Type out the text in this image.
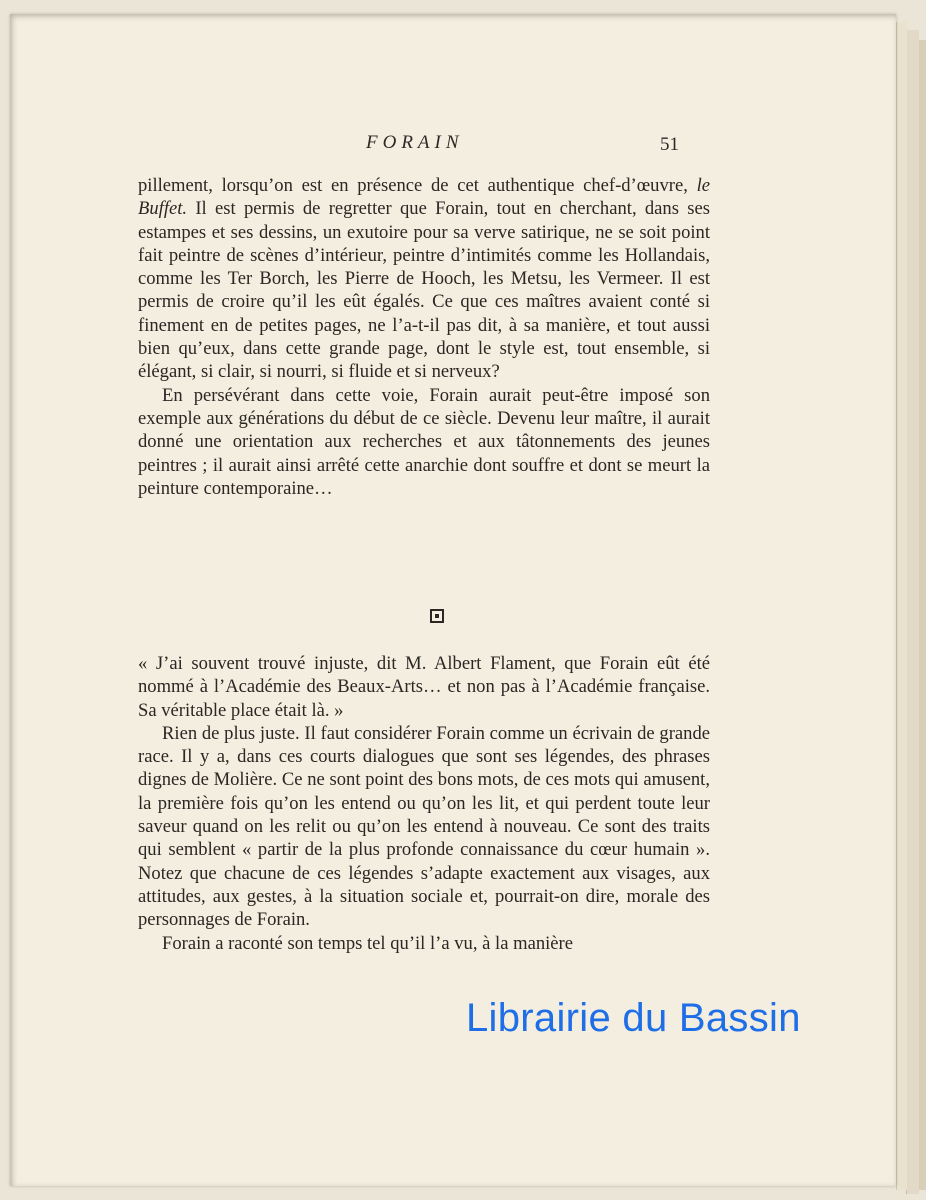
FORAIN	51

pillement, lorsqu’on est en présence de cet authentique chef-d’œuvre, le Buffet. Il est permis de regretter que Forain, tout en cherchant, dans ses estampes et ses dessins, un exutoire pour sa verve satirique, ne se soit point fait peintre de scènes d’intérieur, peintre d’intimités comme les Hollandais, comme les Ter Borch, les Pierre de Hooch, les Metsu, les Vermeer. Il est permis de croire qu’il les eût égalés. Ce que ces maîtres avaient conté si finement en de petites pages, ne l’a-t-il pas dit, à sa manière, et tout aussi bien qu’eux, dans cette grande page, dont le style est, tout ensemble, si élégant, si clair, si nourri, si fluide et si nerveux?

En persévérant dans cette voie, Forain aurait peut-être imposé son exemple aux générations du début de ce siècle. Devenu leur maître, il aurait donné une orientation aux recherches et aux tâtonnements des jeunes peintres ; il aurait ainsi arrêté cette anarchie dont souffre et dont se meurt la peinture contemporaine…

« J’ai souvent trouvé injuste, dit M. Albert Flament, que Forain eût été nommé à l’Académie des Beaux-Arts… et non pas à l’Académie française. Sa véritable place était là. »

Rien de plus juste. Il faut considérer Forain comme un écrivain de grande race. Il y a, dans ces courts dialogues que sont ses légendes, des phrases dignes de Molière. Ce ne sont point des bons mots, de ces mots qui amusent, la première fois qu’on les entend ou qu’on les lit, et qui perdent toute leur saveur quand on les relit ou qu’on les entend à nouveau. Ce sont des traits qui semblent « partir de la plus profonde connaissance du cœur humain ». Notez que chacune de ces légendes s’adapte exactement aux visages, aux attitudes, aux gestes, à la situation sociale et, pourrait-on dire, morale des personnages de Forain.

Forain a raconté son temps tel qu’il l’a vu, à la manière

Librairie du Bassin
